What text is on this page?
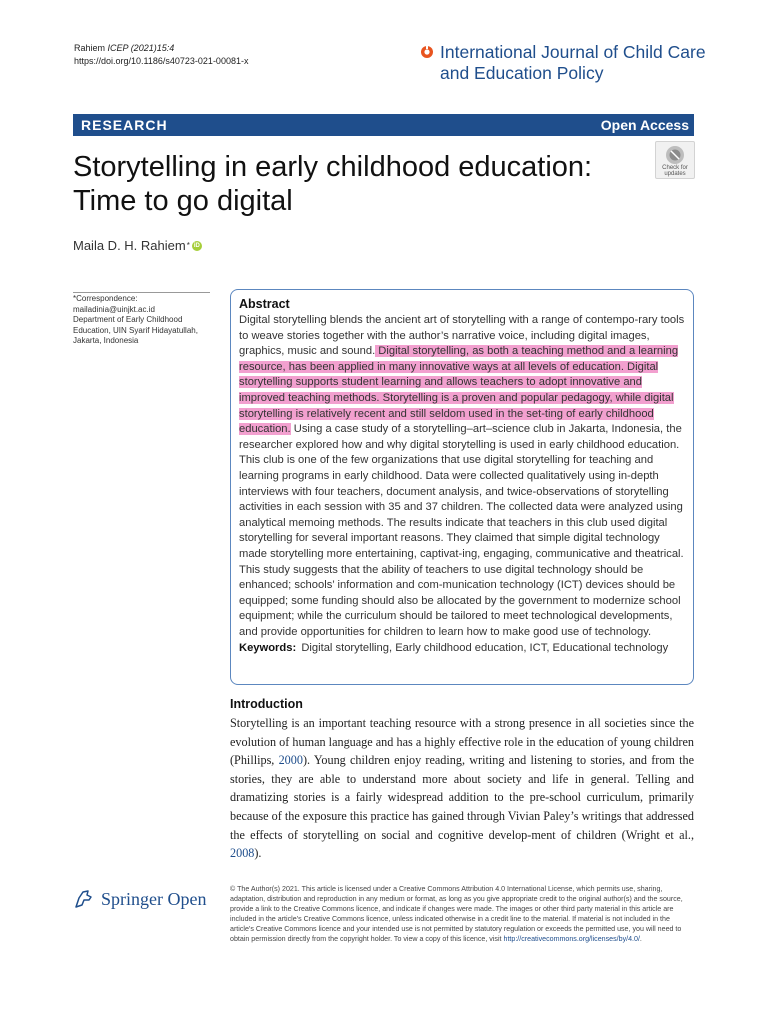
Rahiem ICEP (2021)15:4
https://doi.org/10.1186/s40723-021-00081-x	International Journal of Child Care
and Education Policy
RESEARCH	Open Access
Storytelling in early childhood education:
Time to go digital
Check for
updates
Maila D. H. Rahiem * iD
*Correspondence:
mailadinia@uinjkt.ac.id
Department of Early Childhood Education, UIN Syarif Hidayatullah, Jakarta, Indonesia
Abstract
Digital storytelling blends the ancient art of storytelling with a range of contempo-rary tools to weave stories together with the author’s narrative voice, including digital images, graphics, music and sound. Digital storytelling, as both a teaching method and a learning resource, has been applied in many innovative ways at all levels of education. Digital storytelling supports student learning and allows teachers to adopt innovative and improved teaching methods. Storytelling is a proven and popular pedagogy, while digital storytelling is relatively recent and still seldom used in the set-ting of early childhood education. Using a case study of a storytelling–art–science club in Jakarta, Indonesia, the researcher explored how and why digital storytelling is used in early childhood education. This club is one of the few organizations that use digital storytelling for teaching and learning programs in early childhood. Data were collected qualitatively using in-depth interviews with four teachers, document analysis, and twice-observations of storytelling activities in each session with 35 and 37 children. The collected data were analyzed using analytical memoing methods. The results indicate that teachers in this club used digital storytelling for several important reasons. They claimed that simple digital technology made storytelling more entertaining, captivat-ing, engaging, communicative and theatrical. This study suggests that the ability of teachers to use digital technology should be enhanced; schools’ information and com-munication technology (ICT) devices should be equipped; some funding should also be allocated by the government to modernize school equipment; while the curriculum should be tailored to meet technological developments, and provide opportunities for children to learn how to make good use of technology.
Keywords: Digital storytelling, Early childhood education, ICT, Educational technology
Introduction
Storytelling is an important teaching resource with a strong presence in all societies since the evolution of human language and has a highly effective role in the education of young children (Phillips, 2000). Young children enjoy reading, writing and listening to stories, and from the stories, they are able to understand more about society and life in general. Telling and dramatizing stories is a fairly widespread addition to the pre-school curriculum, primarily because of the exposure this practice has gained through Vivian Paley’s writings that addressed the effects of storytelling on social and cognitive develop-ment of children (Wright et al., 2008).
Springer Open	© The Author(s) 2021. This article is licensed under a Creative Commons Attribution 4.0 International License, which permits use, sharing, adaptation, distribution and reproduction in any medium or format, as long as you give appropriate credit to the original author(s) and the source, provide a link to the Creative Commons licence, and indicate if changes were made. The images or other third party material in this article are included in the article’s Creative Commons licence, unless indicated otherwise in a credit line to the material. If material is not included in the article’s Creative Commons licence and your intended use is not permitted by statutory regulation or exceeds the permitted use, you will need to obtain permission directly from the copyright holder. To view a copy of this licence, visit http://creativecommons.org/licenses/by/4.0/.
